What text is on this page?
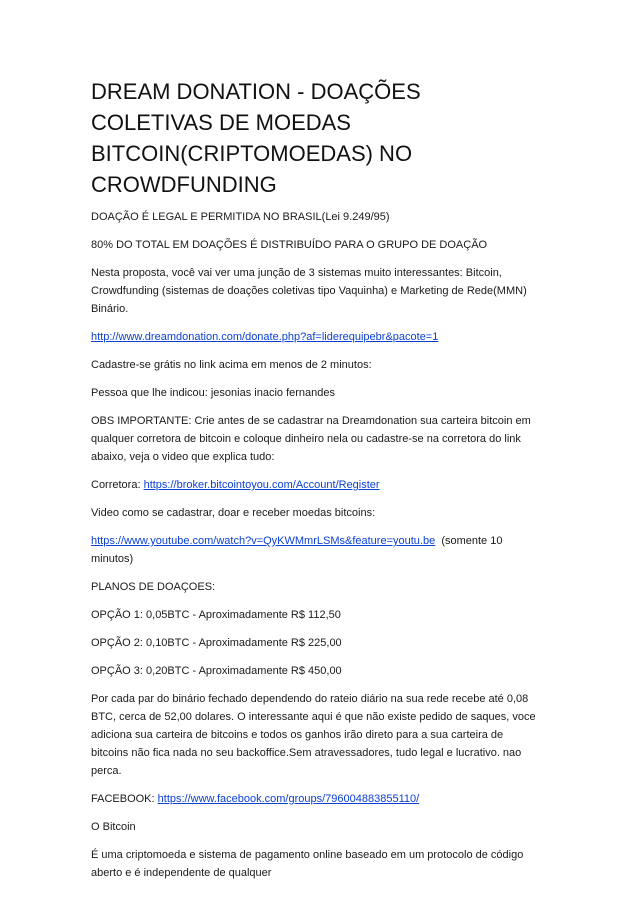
DREAM DONATION - DOAÇÕES COLETIVAS DE MOEDAS BITCOIN(CRIPTOMOEDAS) NO CROWDFUNDING

DOAÇÃO É LEGAL E PERMITIDA NO BRASIL(Lei 9.249/95)

80% DO TOTAL EM DOAÇÕES É DISTRIBUÍDO PARA O GRUPO DE DOAÇÃO

Nesta proposta, você vai ver uma junção de 3 sistemas muito interessantes: Bitcoin, Crowdfunding (sistemas de doações coletivas tipo Vaquinha) e Marketing de Rede(MMN) Binário.

http://www.dreamdonation.com/donate.php?af=liderequipebr&pacote=1

Cadastre-se grátis no link acima em menos de 2 minutos:

Pessoa que lhe indicou: jesonias inacio fernandes

OBS IMPORTANTE: Crie antes de se cadastrar na Dreamdonation sua carteira bitcoin em qualquer corretora de bitcoin e coloque dinheiro nela ou cadastre-se na corretora do link abaixo, veja o video que explica tudo:

Corretora: https://broker.bitcointoyou.com/Account/Register

Video como se cadastrar, doar e receber moedas bitcoins:

https://www.youtube.com/watch?v=QyKWMmrLSMs&feature=youtu.be  (somente 10 minutos)

PLANOS DE DOAÇOES:

OPÇÃO 1: 0,05BTC - Aproximadamente R$ 112,50

OPÇÃO 2: 0,10BTC - Aproximadamente R$ 225,00

OPÇÃO 3: 0,20BTC - Aproximadamente R$ 450,00

Por cada par do binário fechado dependendo do rateio diário na sua rede recebe até 0,08 BTC, cerca de 52,00 dolares. O interessante aqui é que não existe pedido de saques, voce adiciona sua carteira de bitcoins e todos os ganhos irão direto para a sua carteira de bitcoins não fica nada no seu backoffice.Sem atravessadores, tudo legal e lucrativo. nao perca.

FACEBOOK: https://www.facebook.com/groups/796004883855110/

O Bitcoin

É uma criptomoeda e sistema de pagamento online baseado em um protocolo de código aberto e é independente de qualquer
